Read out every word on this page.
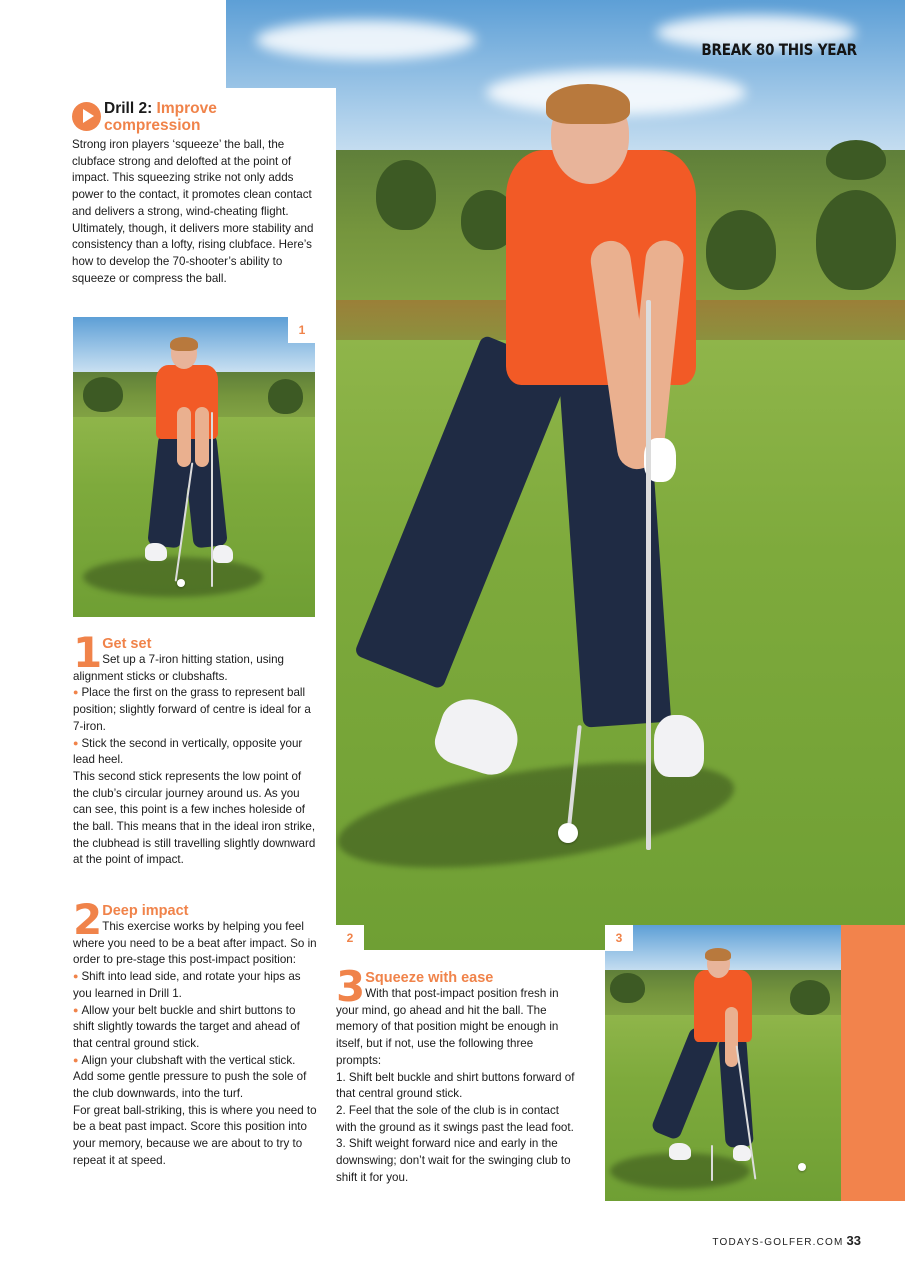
1
3
2
BREAK 80 THIS YEAR
Drill 2: Improve compression

Strong iron players ‘squeeze’ the ball, the clubface strong and delofted at the point of impact. This squeezing strike not only adds power to the contact, it promotes clean contact and delivers a strong, wind-cheating flight. Ultimately, though, it delivers more stability and consistency than a lofty, rising clubface. Here’s how to develop the 70-shooter’s ability to squeeze or compress the ball.

1 Get set

Set up a 7-iron hitting station, using alignment sticks or clubshafts.

● Place the first on the grass to represent ball position; slightly forward of centre is ideal for a 7-iron.

● Stick the second in vertically, opposite your lead heel.

This second stick represents the low point of the club’s circular journey around us. As you can see, this point is a few inches holeside of the ball. This means that in the ideal iron strike, the clubhead is still travelling slightly downward at the point of impact.

2 Deep impact

This exercise works by helping you feel where you need to be a beat after impact. So in order to pre-stage this post-impact position:

● Shift into lead side, and rotate your hips as you learned in Drill 1.

● Allow your belt buckle and shirt buttons to shift slightly towards the target and ahead of that central ground stick.

● Align your clubshaft with the vertical stick. Add some gentle pressure to push the sole of the club downwards, into the turf.

For great ball-striking, this is where you need to be a beat past impact. Score this position into your memory, because we are about to try to repeat it at speed.

3 Squeeze with ease

With that post-impact position fresh in your mind, go ahead and hit the ball. The memory of that position might be enough in itself, but if not, use the following three prompts:

1. Shift belt buckle and shirt buttons forward of that central ground stick.

2. Feel that the sole of the club is in contact with the ground as it swings past the lead foot.

3. Shift weight forward nice and early in the downswing; don’t wait for the swinging club to shift it for you.

TODAYS-GOLFER.COM 33
